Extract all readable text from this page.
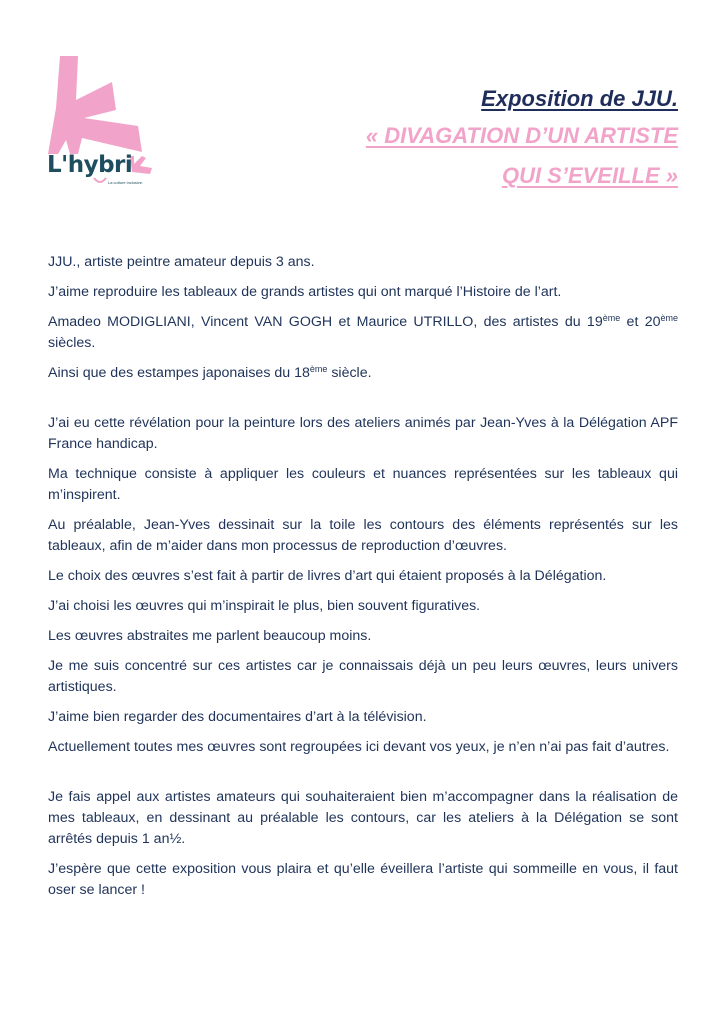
L'hybri
La culture inclusive.
Exposition de JJU.
« DIVAGATION D’UN ARTISTE
QUI S’EVEILLE »

JJU., artiste peintre amateur depuis 3 ans.

J’aime reproduire les tableaux de grands artistes qui ont marqué l’Histoire de l’art.

Amadeo MODIGLIANI, Vincent VAN GOGH et Maurice UTRILLO, des artistes du 19ème et 20ème siècles.

Ainsi que des estampes japonaises du 18ème siècle.

J’ai eu cette révélation pour la peinture lors des ateliers animés par Jean-Yves à la Délégation APF France handicap.

Ma technique consiste à appliquer les couleurs et nuances représentées sur les tableaux qui m’inspirent.

Au préalable, Jean-Yves dessinait sur la toile les contours des éléments représentés sur les tableaux, afin de m’aider dans mon processus de reproduction d’œuvres.

Le choix des œuvres s’est fait à partir de livres d’art qui étaient proposés à la Délégation.

J’ai choisi les œuvres qui m’inspirait le plus, bien souvent figuratives.

Les œuvres abstraites me parlent beaucoup moins.

Je me suis concentré sur ces artistes car je connaissais déjà un peu leurs œuvres, leurs univers artistiques.

J’aime bien regarder des documentaires d’art à la télévision.

Actuellement toutes mes œuvres sont regroupées ici devant vos yeux, je n’en n’ai pas fait d’autres.

Je fais appel aux artistes amateurs qui souhaiteraient bien m’accompagner dans la réalisation de mes tableaux, en dessinant au préalable les contours, car les ateliers à la Délégation se sont arrêtés depuis 1 an½.

J’espère que cette exposition vous plaira et qu’elle éveillera l’artiste qui sommeille en vous, il faut oser se lancer !
